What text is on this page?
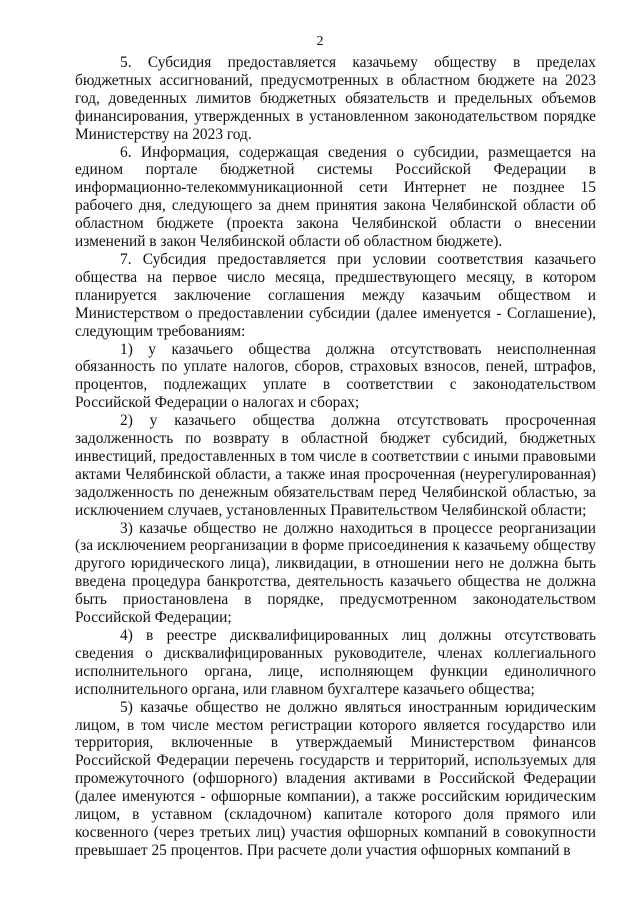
2

5. Субсидия предоставляется казачьему обществу в пределах бюджетных ассигнований, предусмотренных в областном бюджете на 2023 год, доведенных лимитов бюджетных обязательств и предельных объемов финансирования, утвержденных в установленном законодательством порядке Министерству на 2023 год.

6. Информация, содержащая сведения о субсидии, размещается на едином портале бюджетной системы Российской Федерации в информационно-телекоммуникационной сети Интернет не позднее 15 рабочего дня, следующего за днем принятия закона Челябинской области об областном бюджете (проекта закона Челябинской области о внесении изменений в закон Челябинской области об областном бюджете).

7. Субсидия предоставляется при условии соответствия казачьего общества на первое число месяца, предшествующего месяцу, в котором планируется заключение соглашения между казачьим обществом и Министерством о предоставлении субсидии (далее именуется - Соглашение), следующим требованиям:

1) у казачьего общества должна отсутствовать неисполненная обязанность по уплате налогов, сборов, страховых взносов, пеней, штрафов, процентов, подлежащих уплате в соответствии с законодательством Российской Федерации о налогах и сборах;

2) у казачьего общества должна отсутствовать просроченная задолженность по возврату в областной бюджет субсидий, бюджетных инвестиций, предоставленных в том числе в соответствии с иными правовыми актами Челябинской области, а также иная просроченная (неурегулированная) задолженность по денежным обязательствам перед Челябинской областью, за исключением случаев, установленных Правительством Челябинской области;

3) казачье общество не должно находиться в процессе реорганизации (за исключением реорганизации в форме присоединения к казачьему обществу другого юридического лица), ликвидации, в отношении него не должна быть введена процедура банкротства, деятельность казачьего общества не должна быть приостановлена в порядке, предусмотренном законодательством Российской Федерации;

4) в реестре дисквалифицированных лиц должны отсутствовать сведения о дисквалифицированных руководителе, членах коллегиального исполнительного органа, лице, исполняющем функции единоличного исполнительного органа, или главном бухгалтере казачьего общества;

5) казачье общество не должно являться иностранным юридическим лицом, в том числе местом регистрации которого является государство или территория, включенные в утверждаемый Министерством финансов Российской Федерации перечень государств и территорий, используемых для промежуточного (офшорного) владения активами в Российской Федерации (далее именуются - офшорные компании), а также российским юридическим лицом, в уставном (складочном) капитале которого доля прямого или косвенного (через третьих лиц) участия офшорных компаний в совокупности превышает 25 процентов. При расчете доли участия офшорных компаний в
